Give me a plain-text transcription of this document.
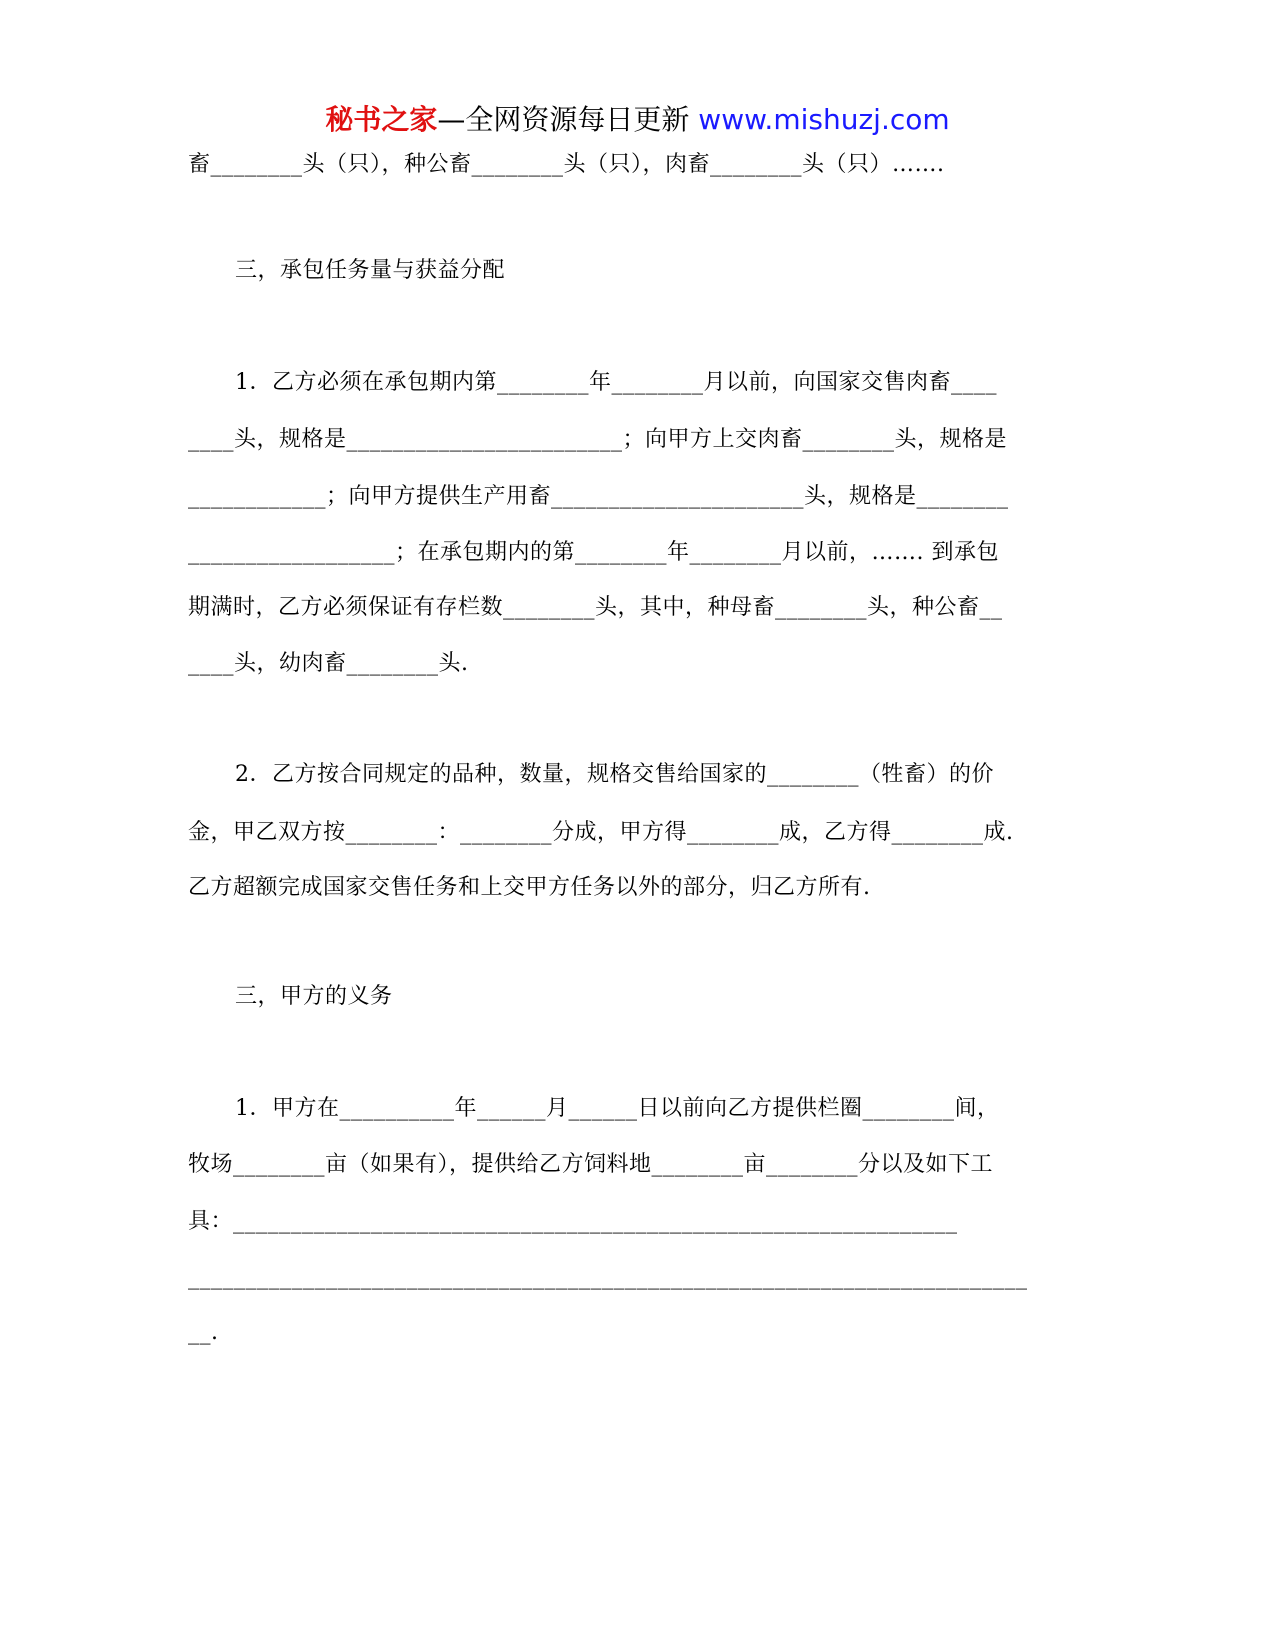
秘书之家—全网资源每日更新 www.mishuzj.com
畜________头（只），种公畜________头（只），肉畜________头（只）…….
三，承包任务量与获益分配
1．乙方必须在承包期内第________年________月以前，向国家交售肉畜____
____头，规格是________________________；向甲方上交肉畜________头，规格是
____________；向甲方提供生产用畜______________________头，规格是________
__________________；在承包期内的第________年________月以前，……. 到承包
期满时，乙方必须保证有存栏数________头，其中，种母畜________头，种公畜__
____头，幼肉畜________头.
2．乙方按合同规定的品种，数量，规格交售给国家的________（牲畜）的价
金，甲乙双方按________：________分成，甲方得________成，乙方得________成.
乙方超额完成国家交售任务和上交甲方任务以外的部分，归乙方所有.
三，甲方的义务
1．甲方在__________年______月______日以前向乙方提供栏圈________间，
牧场________亩（如果有），提供给乙方饲料地________亩________分以及如下工
具：_______________________________________________________________
_________________________________________________________________________
__.
